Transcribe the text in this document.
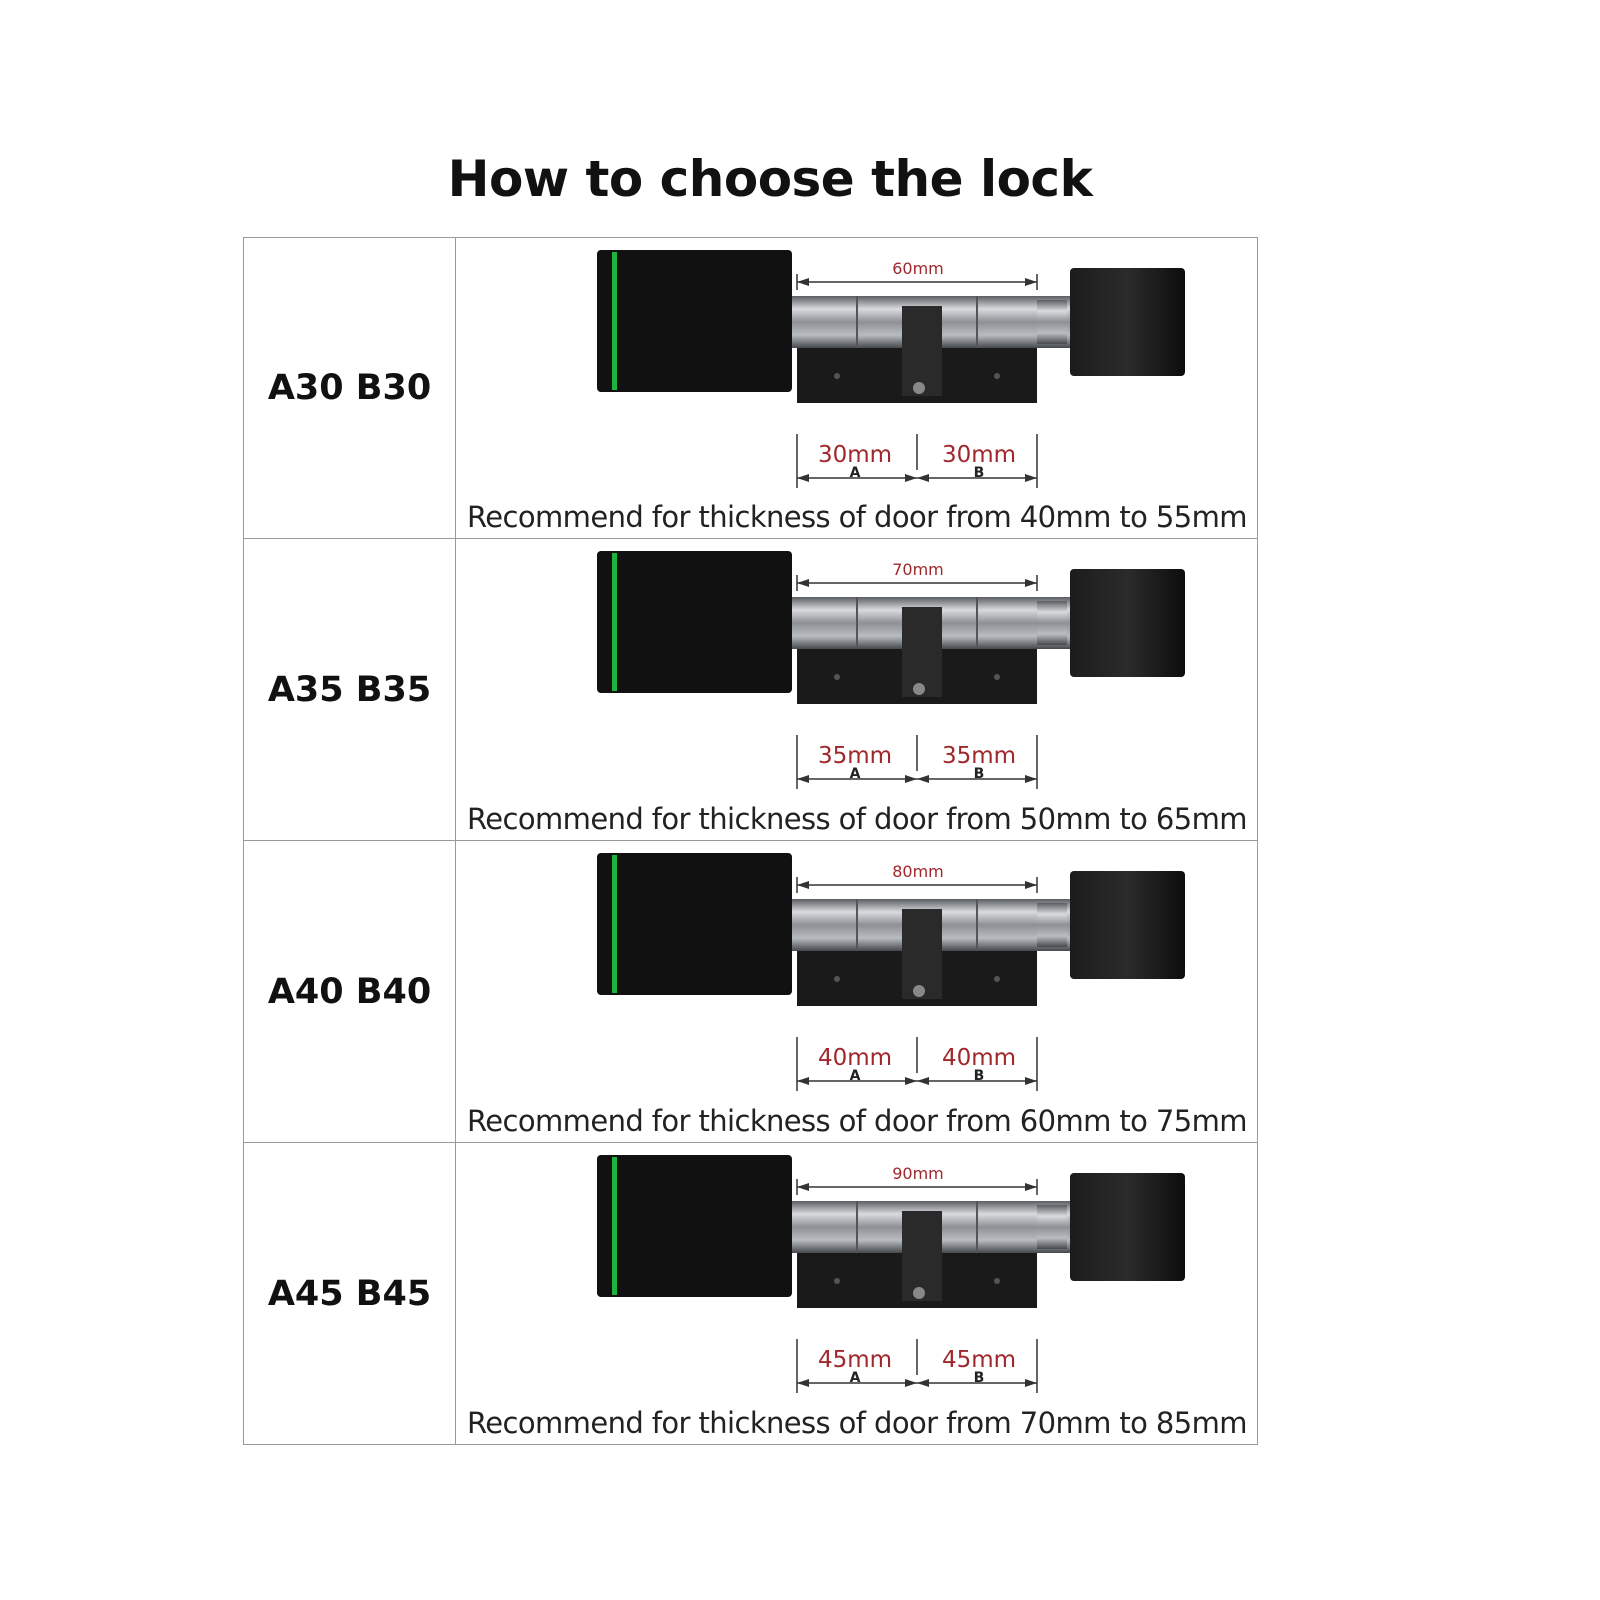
How to choose the lock
A30 B30
60mm
30mm 30mm
A	B
Recommend for thickness of door from 40mm to 55mm
A35 B35
70mm
35mm 35mm
A	B
Recommend for thickness of door from 50mm to 65mm
A40 B40
80mm
40mm 40mm
A	B
Recommend for thickness of door from 60mm to 75mm
A45 B45
90mm
45mm 45mm
A	B
Recommend for thickness of door from 70mm to 85mm
